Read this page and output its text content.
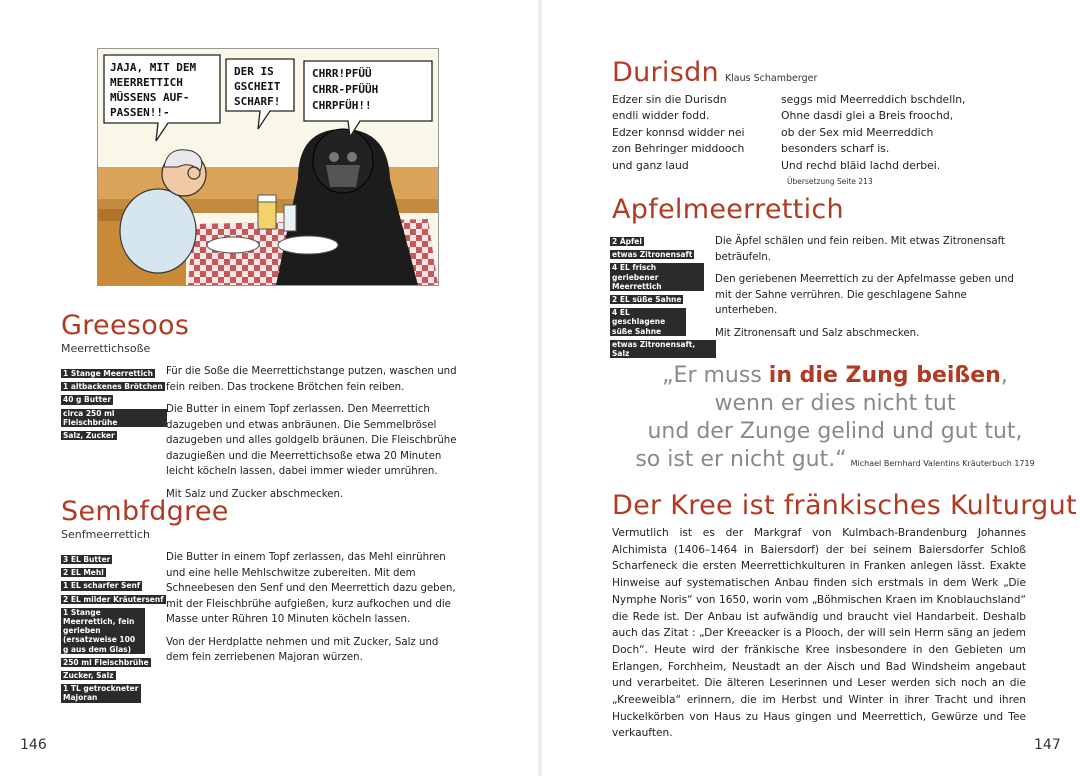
JAJA, MIT DEM MEERRETTICH MÜSSENS AUF- PASSEN!!- DER IS GSCHEIT SCHARF! CHRR!PFÜÜ CHRR-PFÜÜH CHRPFÜH!!
Greesoos
Meerrettichsoße
1 Stange Meerrettich
1 altbackenes Brötchen
40 g Butter
circa 250 ml Fleischbrühe
Salz, Zucker

Für die Soße die Meerrettichstange putzen, waschen und fein reiben. Das trockene Brötchen fein reiben.

Die Butter in einem Topf zerlassen. Den Meerrettich dazugeben und etwas anbräunen. Die Semmelbrösel dazugeben und alles goldgelb bräunen. Die Fleischbrühe dazugießen und die Meerrettichsoße etwa 20 Minuten leicht köcheln lassen, dabei immer wieder umrühren.

Mit Salz und Zucker abschmecken.

Sembfdgree
Senfmeerrettich
3 EL Butter
2 EL Mehl
1 EL scharfer Senf
2 EL milder Kräutersenf
1 Stange Meerrettich, fein gerieben (ersatzweise 100 g aus dem Glas)
250 ml Fleischbrühe
Zucker, Salz
1 TL getrockneter Majoran

Die Butter in einem Topf zerlassen, das Mehl einrühren und eine helle Mehlschwitze zubereiten. Mit dem Schneebesen den Senf und den Meerrettich dazu geben, mit der Fleischbrühe aufgießen, kurz aufkochen und die Masse unter Rühren 10 Minuten köcheln lassen.

Von der Herdplatte nehmen und mit Zucker, Salz und dem fein zerriebenen Majoran würzen.

146
Durisdn Klaus Schamberger
Edzer sin die Durisdn
endli widder fodd.
Edzer konnsd widder nei
zon Behringer middooch
und ganz laud
seggs mid Meerreddich bschdelln,
Ohne dasdi glei a Breis froochd,
ob der Sex mid Meerreddich
besonders scharf is.
Und rechd bläid lachd derbei.
Übersetzung Seite 213
Apfelmeerrettich
2 Äpfel
etwas Zitronensaft
4 EL frisch geriebener Meerrettich
2 EL süße Sahne
4 EL geschlagene süße Sahne
etwas Zitronensaft, Salz

Die Äpfel schälen und fein reiben. Mit etwas Zitronensaft beträufeln.

Den geriebenen Meerrettich zu der Apfelmasse geben und mit der Sahne verrühren. Die geschlagene Sahne unterheben.

Mit Zitronensaft und Salz abschmecken.

„Er muss in die Zung beißen,
wenn er dies nicht tut
und der Zunge gelind und gut tut,
so ist er nicht gut.“ Michael Bernhard Valentins Kräuterbuch 1719
Der Kree ist fränkisches Kulturgut
Vermutlich ist es der Markgraf von Kulmbach-Brandenburg Johannes Alchimista (1406–1464 in Baiersdorf) der bei seinem Baiersdorfer Schloß Scharfeneck die ersten Meerrettichkulturen in Franken anlegen lässt. Exakte Hinweise auf systematischen Anbau finden sich erstmals in dem Werk „Die Nymphe Noris“ von 1650, worin vom „Böhmischen Kraen im Knoblauchsland“ die Rede ist. Der Anbau ist aufwändig und braucht viel Handarbeit. Deshalb auch das Zitat : „Der Kreeacker is a Plooch, der will sein Herrn säng an jedem Doch“. Heute wird der fränkische Kree insbesondere in den Gebieten um Erlangen, Forchheim, Neustadt an der Aisch und Bad Windsheim angebaut und verarbeitet. Die älteren Leserinnen und Leser werden sich noch an die „Kreeweibla“ erinnern, die im Herbst und Winter in ihrer Tracht und ihren Huckelkörben von Haus zu Haus gingen und Meerrettich, Gewürze und Tee verkauften.
147
